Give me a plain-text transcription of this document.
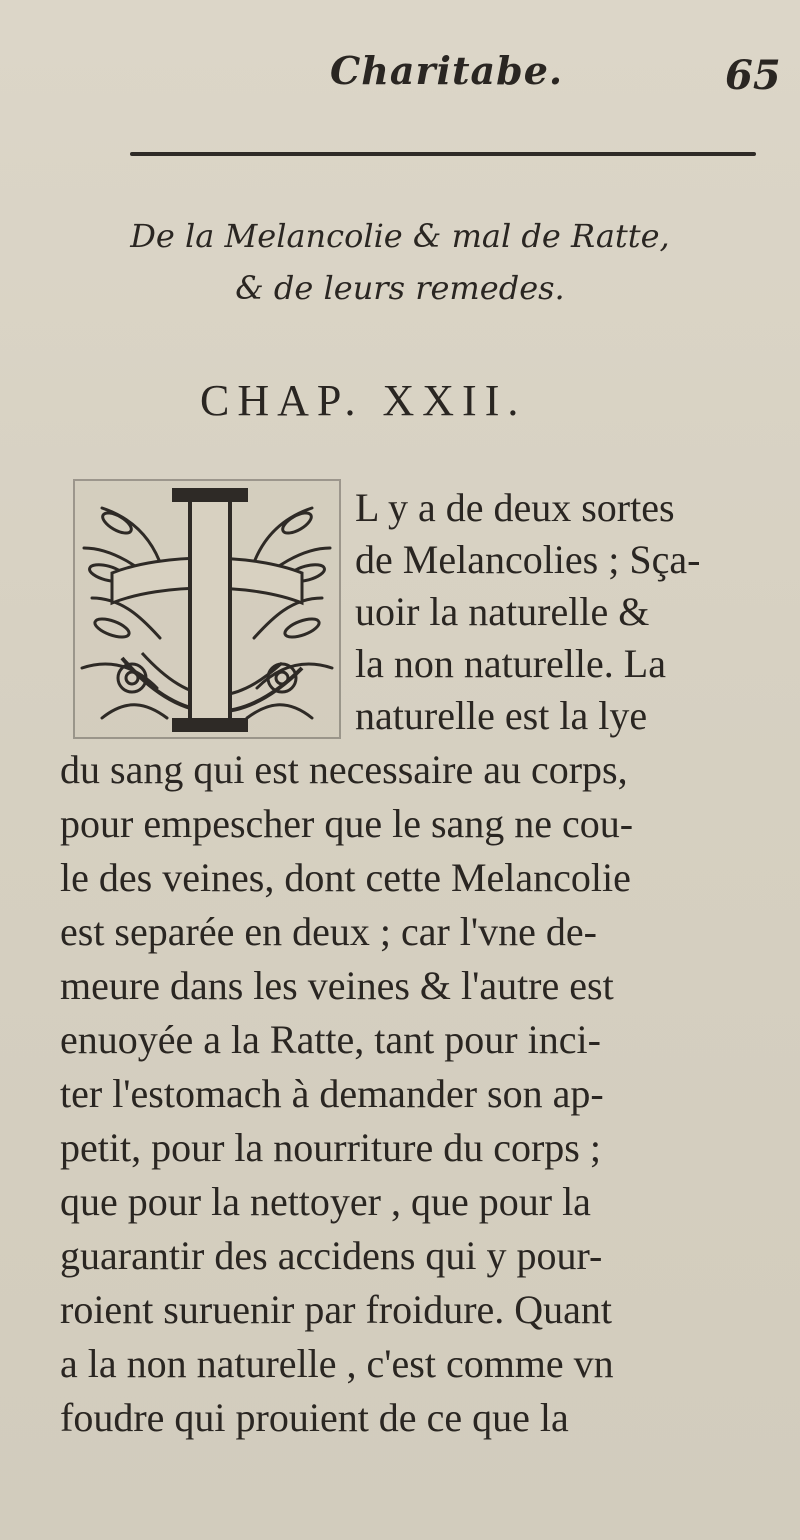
Charitabe.	65
De la Melancolie & mal de Ratte,
& de leurs remedes.
CHAP. XXII.
L y a de deux sortes
de Melancolies ; Sça-
uoir la naturelle &
la non naturelle. La
naturelle est la lye
du sang qui est necessaire au corps,
pour empescher que le sang ne cou-
le des veines, dont cette Melancolie
est separée en deux ; car l'vne de-
meure dans les veines & l'autre est
enuoyée a la Ratte, tant pour inci-
ter l'estomach à demander son ap-
petit, pour la nourriture du corps ;
que pour la nettoyer , que pour la
guarantir des accidens qui y pour-
roient suruenir par froidure. Quant
a la non naturelle , c'est comme vn
foudre qui prouient de ce que la
